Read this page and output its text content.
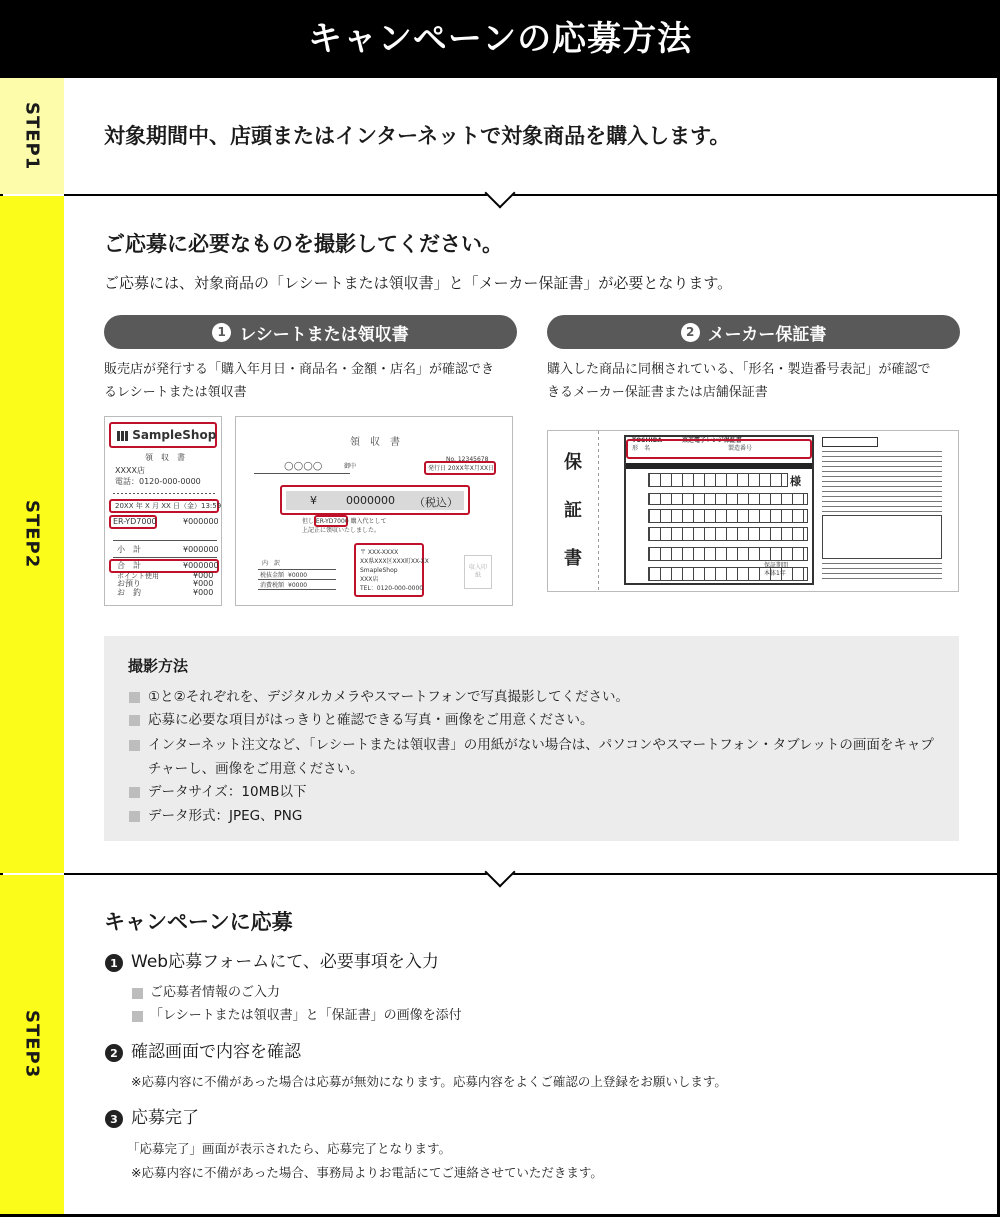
キャンペーンの応募方法
STEP1	対象期間中、店頭またはインターネットで対象商品を購入します。
STEP2
ご応募に必要なものを撮影してください。
ご応募には、対象商品の「レシートまたは領収書」と「メーカー保証書」が必要となります。
1 レシートまたは領収書	2 メーカー保証書
販売店が発行する「購入年月日・商品名・金額・店名」が確認でき
るレシートまたは領収書
購入した商品に同梱されている、「形名・製造番号表記」が確認で
きるメーカー保証書または店舗保証書
SampleShop
領　収　書
XXXX店
電話：0120-000-0000
20XX 年 X 月 XX 日（金）13:59
ER-YD7000	¥000000
小　計	¥000000
合　計	¥000000
ポイント使用	¥000
お預り	¥000
お　釣	¥000
領　収　書
No. 12345678
○○○○	御中	発行日 20XX年X月XX日
¥	0000000 （税込）
但し ER-YD7000 購入代として
上記正に領収いたしました。
内　訳
税抜金額 ¥0000
消費税額 ¥0000
〒 XXX-XXXX
XX県XXX区XXX町XX-XX
SmapleShop
XXX店
TEL：0120-000-0000
収入印紙
保　証　書
TOSHIBA	東芝電子レンジ保証書
様
形　名	製造番号
保証期間
本体1年
撮影方法
①と②それぞれを、デジタルカメラやスマートフォンで写真撮影してください。
応募に必要な項目がはっきりと確認できる写真・画像をご用意ください。
インターネット注文など、「レシートまたは領収書」の用紙がない場合は、パソコンやスマートフォン・タブレットの画面をキャプ
チャーし、画像をご用意ください。
データサイズ：10MB以下
データ形式：JPEG、PNG
STEP3
キャンペーンに応募
1 Web応募フォームにて、必要事項を入力
ご応募者情報のご入力
「レシートまたは領収書」と「保証書」の画像を添付
2 確認画面で内容を確認
※応募内容に不備があった場合は応募が無効になります。応募内容をよくご確認の上登録をお願いします。
3 応募完了
「応募完了」画面が表示されたら、応募完了となります。
※応募内容に不備があった場合、事務局よりお電話にてご連絡させていただきます。
